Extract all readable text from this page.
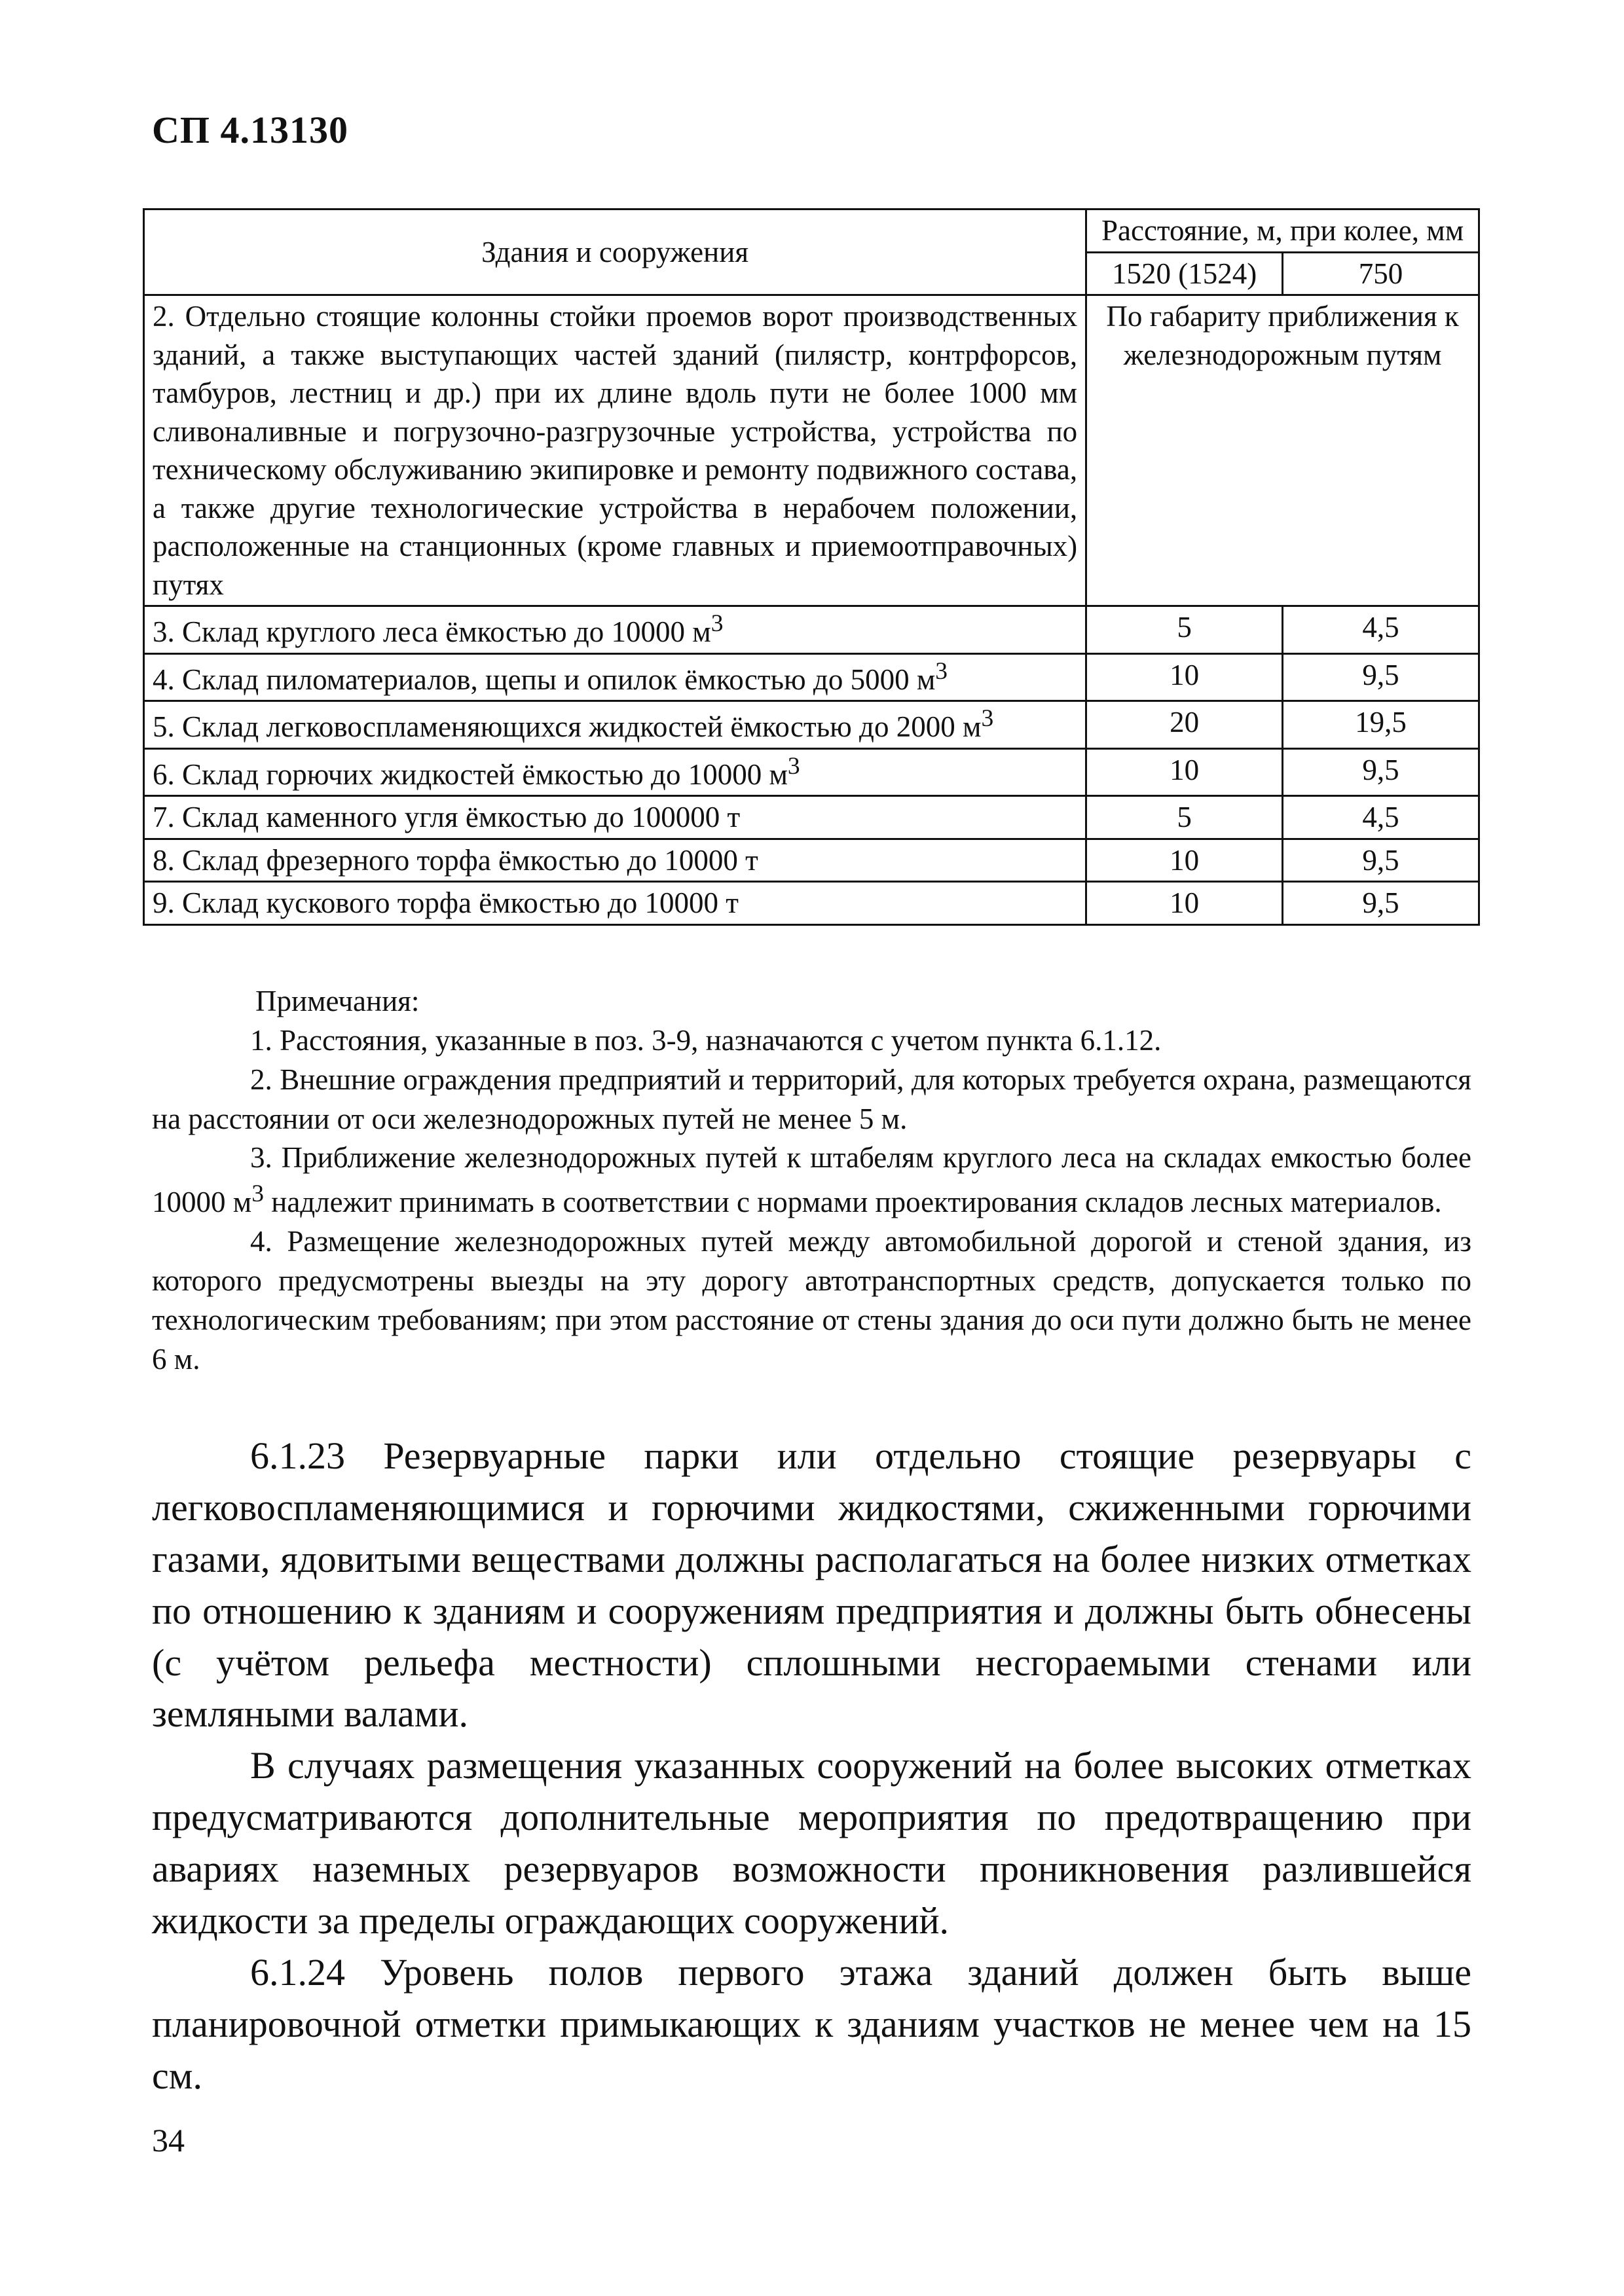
СП 4.13130
Здания и сооружения	Расстояние, м, при колее, мм	
	1520 (1524)	750
2. Отдельно стоящие колонны стойки проемов ворот производственных зданий, а также выступающих частей зданий (пилястр, контрфорсов, тамбуров, лестниц и др.) при их длине вдоль пути не более 1000 мм сливоналивные и погрузочно-разгрузочные устройства, устройства по техническому обслуживанию экипировке и ремонту подвижного состава, а также другие технологические устройства в нерабочем положении, расположенные на станционных (кроме главных и приемоотправочных) путях	По габариту приближения к железнодорожным путям	
3. Склад круглого леса ёмкостью до 10000 $м^3$	5	4,5
4. Склад пиломатериалов, щепы и опилок ёмкостью до 5000 $м^3$	10	9,5
5. Склад легковоспламеняющихся жидкостей ёмкостью до 2000 $м^3$	20	19,5
6. Склад горючих жидкостей ёмкостью до 10000 $м^3$	10	9,5
7. Склад каменного угля ёмкостью до 100000 т	5	4,5
8. Склад фрезерного торфа ёмкостью до 10000 т	10	9,5
9. Склад кускового торфа ёмкостью до 10000 т	10	9,5

Примечания:

1. Расстояния, указанные в поз. 3-9, назначаются с учетом пункта 6.1.12.

2. Внешние ограждения предприятий и территорий, для которых требуется охрана, размещаются на расстоянии от оси железнодорожных путей не менее 5 м.

3. Приближение железнодорожных путей к штабелям круглого леса на складах емкостью более 10000 $м^3$ надлежит принимать в соответствии с нормами проектирования складов лесных материалов.

4. Размещение железнодорожных путей между автомобильной дорогой и стеной здания, из которого предусмотрены выезды на эту дорогу автотранспортных средств, допускается только по технологическим требованиям; при этом расстояние от стены здания до оси пути должно быть не менее 6 м.

6.1.23 Резервуарные парки или отдельно стоящие резервуары с легковоспламеняющимися и горючими жидкостями, сжиженными горючими газами, ядовитыми веществами должны располагаться на более низких отметках по отношению к зданиям и сооружениям предприятия и должны быть обнесены (с учётом рельефа местности) сплошными несгораемыми стенами или земляными валами.

В случаях размещения указанных сооружений на более высоких отметках предусматриваются дополнительные мероприятия по предотвращению при авариях наземных резервуаров возможности проникновения разлившейся жидкости за пределы ограждающих сооружений.

6.1.24 Уровень полов первого этажа зданий должен быть выше планировочной отметки примыкающих к зданиям участков не менее чем на 15 см.

34
